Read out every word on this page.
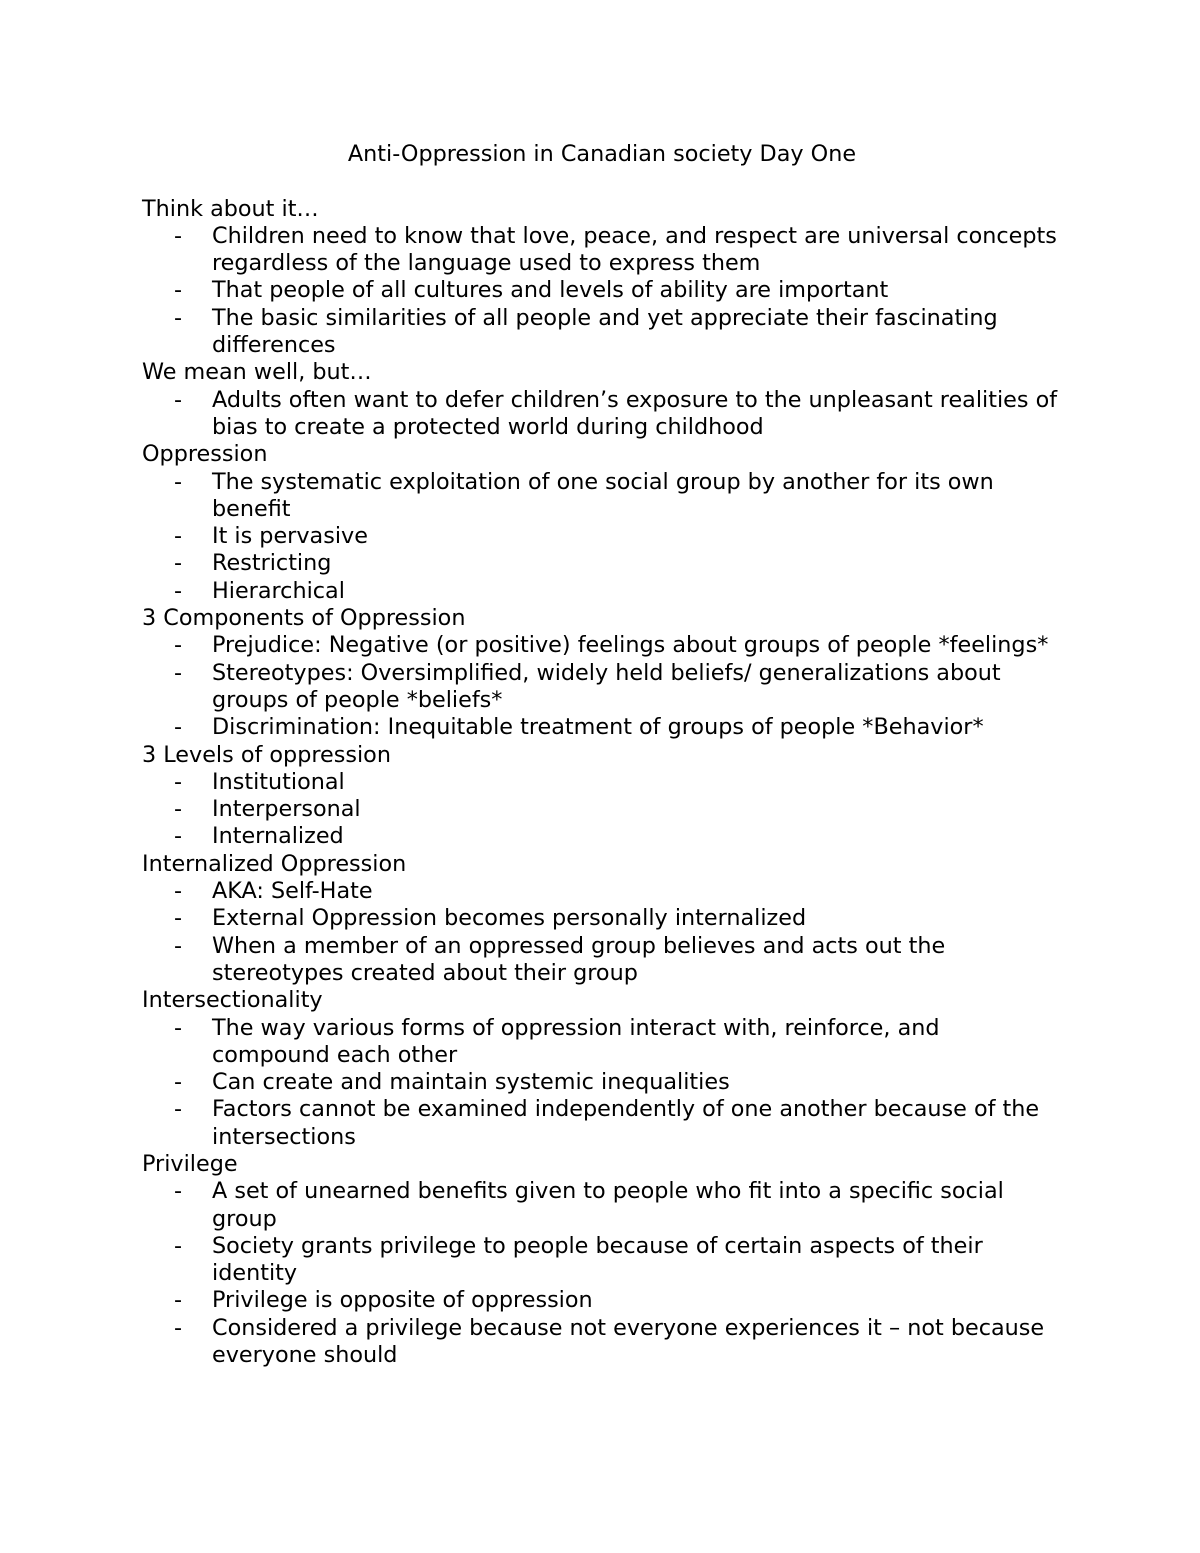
Anti-Oppression in Canadian society Day One
Think about it…
- Children need to know that love, peace, and respect are universal concepts regardless of the language used to express them
- That people of all cultures and levels of ability are important
- The basic similarities of all people and yet appreciate their fascinating differences
We mean well, but…
- Adults often want to defer children’s exposure to the unpleasant realities of bias to create a protected world during childhood
Oppression
- The systematic exploitation of one social group by another for its own benefit
- It is pervasive
- Restricting
- Hierarchical
3 Components of Oppression
- Prejudice: Negative (or positive) feelings about groups of people *feelings*
- Stereotypes: Oversimplified, widely held beliefs/ generalizations about groups of people *beliefs*
- Discrimination: Inequitable treatment of groups of people *Behavior*
3 Levels of oppression
- Institutional
- Interpersonal
- Internalized
Internalized Oppression
- AKA: Self-Hate
- External Oppression becomes personally internalized
- When a member of an oppressed group believes and acts out the stereotypes created about their group
Intersectionality
- The way various forms of oppression interact with, reinforce, and compound each other
- Can create and maintain systemic inequalities
- Factors cannot be examined independently of one another because of the intersections
Privilege
- A set of unearned benefits given to people who fit into a specific social group
- Society grants privilege to people because of certain aspects of their identity
- Privilege is opposite of oppression
- Considered a privilege because not everyone experiences it – not because everyone should
